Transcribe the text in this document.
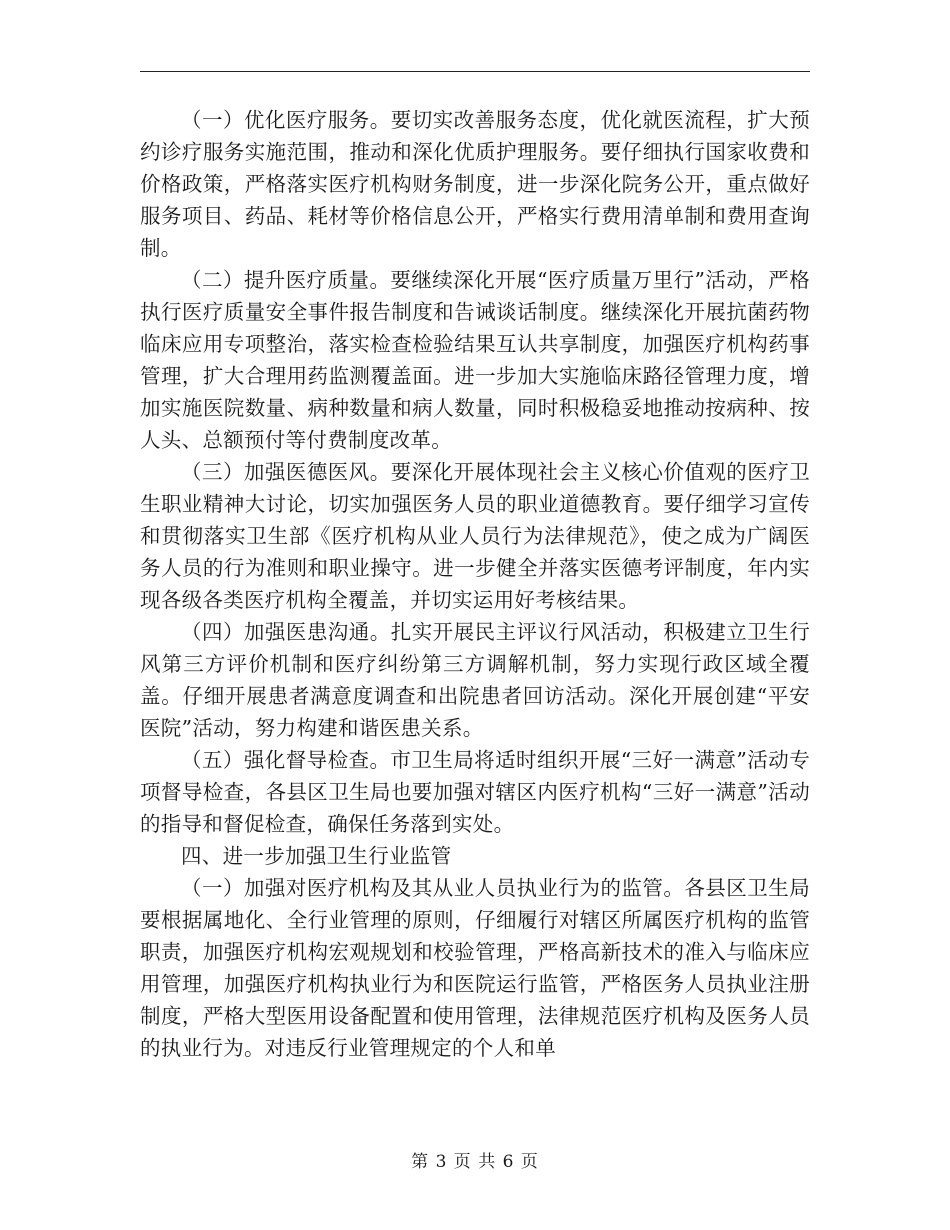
（一）优化医疗服务。要切实改善服务态度，优化就医流程，扩大预约诊疗服务实施范围，推动和深化优质护理服务。要仔细执行国家收费和价格政策，严格落实医疗机构财务制度，进一步深化院务公开，重点做好服务项目、药品、耗材等价格信息公开，严格实行费用清单制和费用查询制。

（二）提升医疗质量。要继续深化开展“医疗质量万里行”活动，严格执行医疗质量安全事件报告制度和告诫谈话制度。继续深化开展抗菌药物临床应用专项整治，落实检查检验结果互认共享制度，加强医疗机构药事管理，扩大合理用药监测覆盖面。进一步加大实施临床路径管理力度，增加实施医院数量、病种数量和病人数量，同时积极稳妥地推动按病种、按人头、总额预付等付费制度改革。

（三）加强医德医风。要深化开展体现社会主义核心价值观的医疗卫生职业精神大讨论，切实加强医务人员的职业道德教育。要仔细学习宣传和贯彻落实卫生部《医疗机构从业人员行为法律规范》，使之成为广阔医务人员的行为准则和职业操守。进一步健全并落实医德考评制度，年内实现各级各类医疗机构全覆盖，并切实运用好考核结果。

（四）加强医患沟通。扎实开展民主评议行风活动，积极建立卫生行风第三方评价机制和医疗纠纷第三方调解机制，努力实现行政区域全覆盖。仔细开展患者满意度调查和出院患者回访活动。深化开展创建“平安医院”活动，努力构建和谐医患关系。

（五）强化督导检查。市卫生局将适时组织开展“三好一满意”活动专项督导检查，各县区卫生局也要加强对辖区内医疗机构“三好一满意”活动的指导和督促检查，确保任务落到实处。

四、进一步加强卫生行业监管

（一）加强对医疗机构及其从业人员执业行为的监管。各县区卫生局要根据属地化、全行业管理的原则，仔细履行对辖区所属医疗机构的监管职责，加强医疗机构宏观规划和校验管理，严格高新技术的准入与临床应用管理，加强医疗机构执业行为和医院运行监管，严格医务人员执业注册制度，严格大型医用设备配置和使用管理，法律规范医疗机构及医务人员的执业行为。对违反行业管理规定的个人和单

第 3 页 共 6 页
